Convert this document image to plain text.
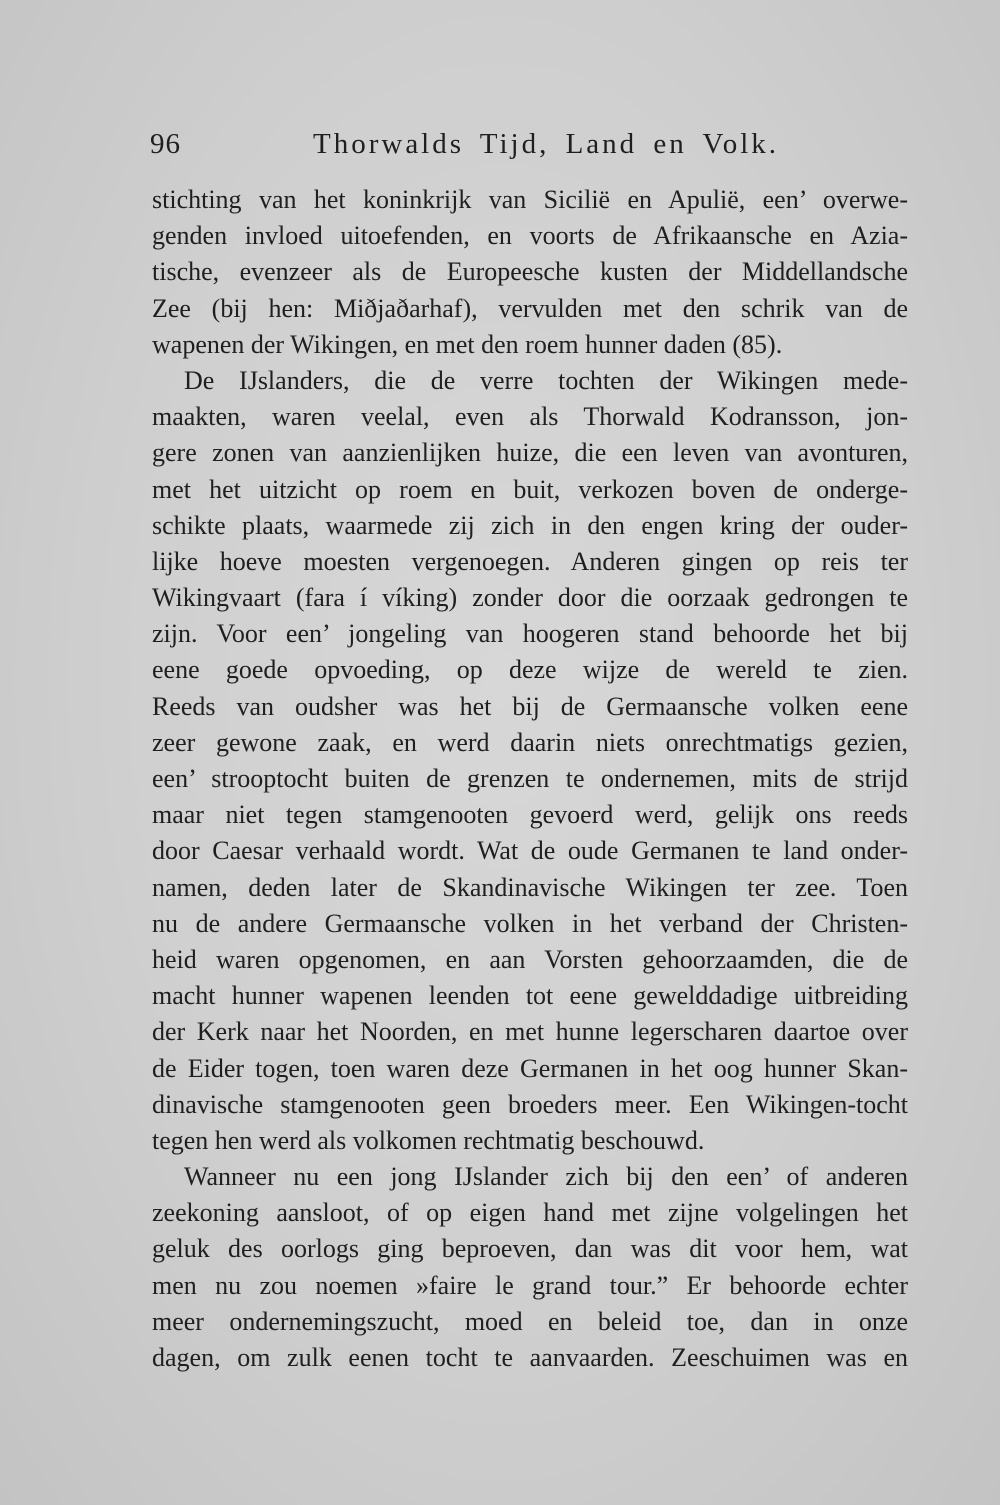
96	Thorwalds Tijd, Land en Volk.
stichting van het koninkrijk van Sicilië en Apulië, een’ overwe-
genden invloed uitoefenden, en voorts de Afrikaansche en Azia-
tische, evenzeer als de Europeesche kusten der Middellandsche
Zee (bij hen: Miðjaðarhaf), vervulden met den schrik van de
wapenen der Wikingen, en met den roem hunner daden (85).
De IJslanders, die de verre tochten der Wikingen mede-
maakten, waren veelal, even als Thorwald Kodransson, jon-
gere zonen van aanzienlijken huize, die een leven van avonturen,
met het uitzicht op roem en buit, verkozen boven de onderge-
schikte plaats, waarmede zij zich in den engen kring der ouder-
lijke hoeve moesten vergenoegen. Anderen gingen op reis ter
Wikingvaart (fara í víking) zonder door die oorzaak gedrongen te
zijn. Voor een’ jongeling van hoogeren stand behoorde het bij
eene goede opvoeding, op deze wijze de wereld te zien.
Reeds van oudsher was het bij de Germaansche volken eene
zeer gewone zaak, en werd daarin niets onrechtmatigs gezien,
een’ strooptocht buiten de grenzen te ondernemen, mits de strijd
maar niet tegen stamgenooten gevoerd werd, gelijk ons reeds
door Caesar verhaald wordt. Wat de oude Germanen te land onder-
namen, deden later de Skandinavische Wikingen ter zee. Toen
nu de andere Germaansche volken in het verband der Christen-
heid waren opgenomen, en aan Vorsten gehoorzaamden, die de
macht hunner wapenen leenden tot eene gewelddadige uitbreiding
der Kerk naar het Noorden, en met hunne legerscharen daartoe over
de Eider togen, toen waren deze Germanen in het oog hunner Skan-
dinavische stamgenooten geen broeders meer. Een Wikingen-tocht
tegen hen werd als volkomen rechtmatig beschouwd.
Wanneer nu een jong IJslander zich bij den een’ of anderen
zeekoning aansloot, of op eigen hand met zijne volgelingen het
geluk des oorlogs ging beproeven, dan was dit voor hem, wat
men nu zou noemen »faire le grand tour.” Er behoorde echter
meer ondernemingszucht, moed en beleid toe, dan in onze
dagen, om zulk eenen tocht te aanvaarden. Zeeschuimen was en
